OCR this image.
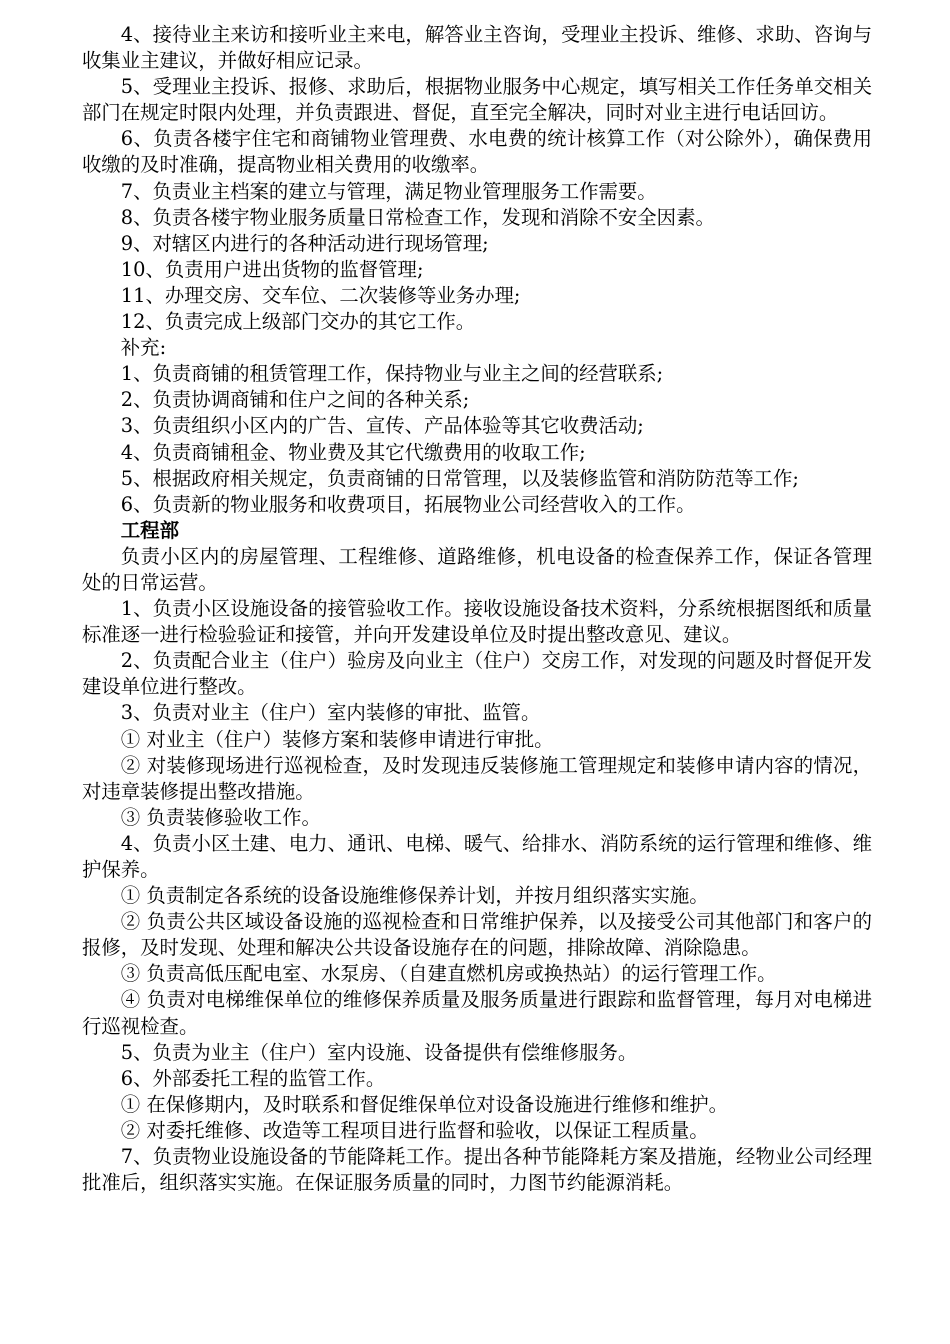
4、接待业主来访和接听业主来电，解答业主咨询，受理业主投诉、维修、求助、咨询与收集业主建议，并做好相应记录。

5、受理业主投诉、报修、求助后，根据物业服务中心规定，填写相关工作任务单交相关部门在规定时限内处理，并负责跟进、督促，直至完全解决，同时对业主进行电话回访。

6、负责各楼宇住宅和商铺物业管理费、水电费的统计核算工作（对公除外），确保费用收缴的及时准确，提高物业相关费用的收缴率。

7、负责业主档案的建立与管理，满足物业管理服务工作需要。

8、负责各楼宇物业服务质量日常检查工作，发现和消除不安全因素。

9、对辖区内进行的各种活动进行现场管理;

10、负责用户进出货物的监督管理;

11、办理交房、交车位、二次装修等业务办理;

12、负责完成上级部门交办的其它工作。

补充:

1、负责商铺的租赁管理工作，保持物业与业主之间的经营联系;

2、负责协调商铺和住户之间的各种关系;

3、负责组织小区内的广告、宣传、产品体验等其它收费活动;

4、负责商铺租金、物业费及其它代缴费用的收取工作;

5、根据政府相关规定，负责商铺的日常管理，以及装修监管和消防防范等工作;

6、负责新的物业服务和收费项目，拓展物业公司经营收入的工作。

工程部

负责小区内的房屋管理、工程维修、道路维修，机电设备的检查保养工作，保证各管理处的日常运营。

1、负责小区设施设备的接管验收工作。接收设施设备技术资料，分系统根据图纸和质量标准逐一进行检验验证和接管，并向开发建设单位及时提出整改意见、建议。

2、负责配合业主（住户）验房及向业主（住户）交房工作，对发现的问题及时督促开发建设单位进行整改。

3、负责对业主（住户）室内装修的审批、监管。

① 对业主（住户）装修方案和装修申请进行审批。

② 对装修现场进行巡视检查，及时发现违反装修施工管理规定和装修申请内容的情况，对违章装修提出整改措施。

③ 负责装修验收工作。

4、负责小区土建、电力、通讯、电梯、暖气、给排水、消防系统的运行管理和维修、维护保养。

① 负责制定各系统的设备设施维修保养计划，并按月组织落实实施。

② 负责公共区域设备设施的巡视检查和日常维护保养，以及接受公司其他部门和客户的报修，及时发现、处理和解决公共设备设施存在的问题，排除故障、消除隐患。

③ 负责高低压配电室、水泵房、（自建直燃机房或换热站）的运行管理工作。

④ 负责对电梯维保单位的维修保养质量及服务质量进行跟踪和监督管理，每月对电梯进行巡视检查。

5、负责为业主（住户）室内设施、设备提供有偿维修服务。

6、外部委托工程的监管工作。

① 在保修期内，及时联系和督促维保单位对设备设施进行维修和维护。

② 对委托维修、改造等工程项目进行监督和验收，以保证工程质量。

7、负责物业设施设备的节能降耗工作。提出各种节能降耗方案及措施，经物业公司经理批准后，组织落实实施。在保证服务质量的同时，力图节约能源消耗。
